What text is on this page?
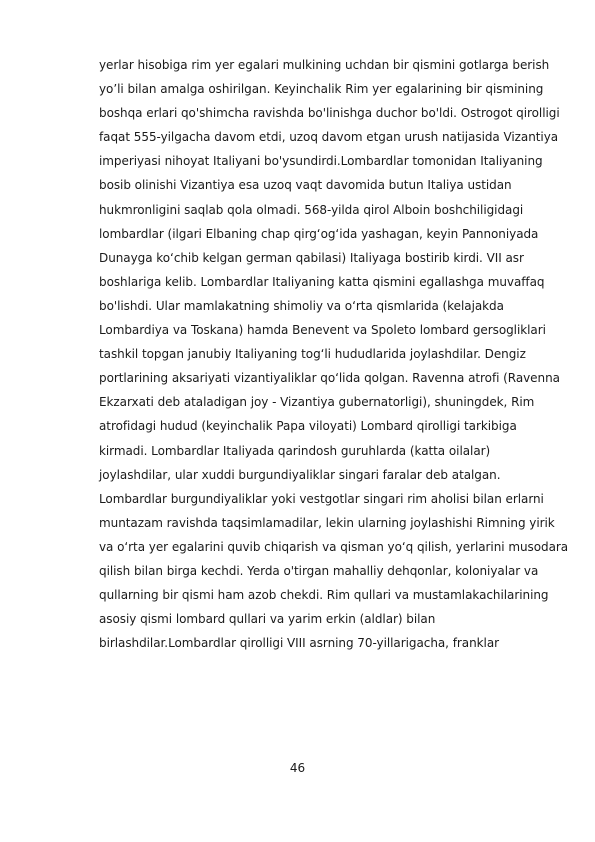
yerlar hisobiga rim yer egalari mulkining uchdan bir qismini gotlarga berish
yo’li bilan amalga oshirilgan. Keyinchalik Rim yer egalarining bir qismining
boshqa erlari qo'shimcha ravishda bo'linishga duchor bo'ldi. Ostrogot qirolligi
faqat 555-yilgacha davom etdi, uzoq davom etgan urush natijasida Vizantiya
imperiyasi nihoyat Italiyani bo'ysundirdi.Lombardlar tomonidan Italiyaning
bosib olinishi Vizantiya esa uzoq vaqt davomida butun Italiya ustidan
hukmronligini saqlab qola olmadi. 568-yilda qirol Alboin boshchiligidagi
lombardlar (ilgari Elbaning chap qirg‘og‘ida yashagan, keyin Pannoniyada
Dunayga ko‘chib kelgan german qabilasi) Italiyaga bostirib kirdi. VII asr
boshlariga kelib. Lombardlar Italiyaning katta qismini egallashga muvaffaq
bo'lishdi. Ular mamlakatning shimoliy va o‘rta qismlarida (kelajakda
Lombardiya va Toskana) hamda Benevent va Spoleto lombard gersogliklari
tashkil topgan janubiy Italiyaning tog‘li hududlarida joylashdilar. Dengiz
portlarining aksariyati vizantiyaliklar qo‘lida qolgan. Ravenna atrofi (Ravenna
Ekzarxati deb ataladigan joy - Vizantiya gubernatorligi), shuningdek, Rim
atrofidagi hudud (keyinchalik Papa viloyati) Lombard qirolligi tarkibiga
kirmadi. Lombardlar Italiyada qarindosh guruhlarda (katta oilalar)
joylashdilar, ular xuddi burgundiyaliklar singari faralar deb atalgan.
Lombardlar burgundiyaliklar yoki vestgotlar singari rim aholisi bilan erlarni
muntazam ravishda taqsimlamadilar, lekin ularning joylashishi Rimning yirik
va o‘rta yer egalarini quvib chiqarish va qisman yo‘q qilish, yerlarini musodara
qilish bilan birga kechdi. Yerda o'tirgan mahalliy dehqonlar, koloniyalar va
qullarning bir qismi ham azob chekdi. Rim qullari va mustamlakachilarining
asosiy qismi lombard qullari va yarim erkin (aldlar) bilan
birlashdilar.Lombardlar qirolligi VIII asrning 70-yillarigacha, franklar
46
